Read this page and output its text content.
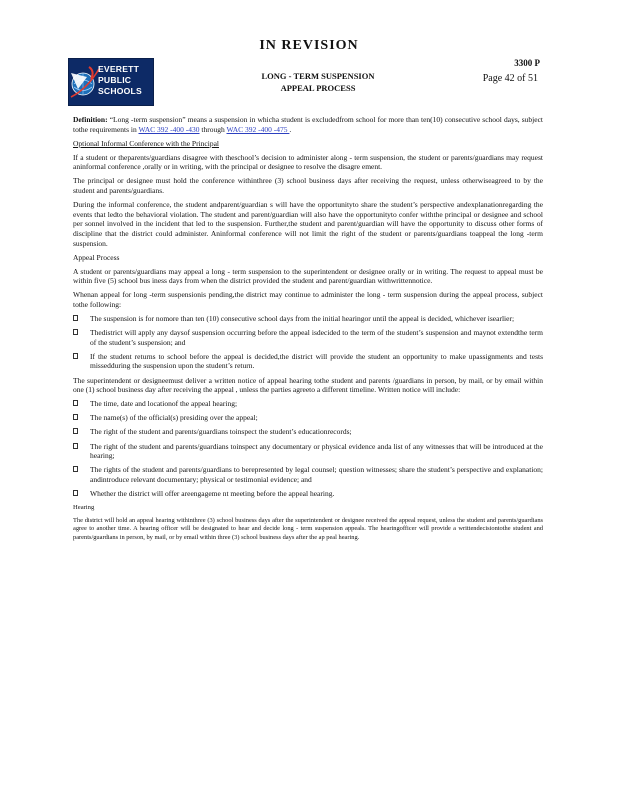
IN REVISION
EVERETT
PUBLIC
SCHOOLS
LONG - TERM SUSPENSION
APPEAL PROCESS
3300 P
Page 42 of 51

Definition: “Long -term suspension” means a suspension in whicha student is excludedfrom school for more than ten(10) consecutive school days, subject tothe requirements in WAC 392 -400 -430 through WAC 392 -400 -475 .

Optional Informal Conference with the Principal

If a student or theparents/guardians disagree with theschool’s decision to administer along - term suspension, the student or parents/guardians may request aninformal conference ,orally or in writing, with the principal or designee to resolve the disagre ement.

The principal or designee must hold the conference withinthree (3) school business days after receiving the request, unless otherwiseagreed to by the student and parents/guardians.

During the informal conference, the student andparent/guardian s will have the opportunityto share the student’s perspective andexplanationregarding the events that ledto the behavioral violation. The student and parent/guardian will also have the opportunityto confer withthe principal or designee and school per sonnel involved in the incident that led to the suspension. Further,the student and parent/guardian will have the opportunity to discuss other forms of discipline that the district could administer. Aninformal conference will not limit the right of the student or parents/guardians toappeal the long -term suspension.

Appeal Process

A student or parents/guardians may appeal a long - term suspension to the superintendent or designee orally or in writing. The request to appeal must be within five (5) school bus iness days from when the district provided the student and parent/guardian withwrittennotice.

Whenan appeal for long -term suspensionis pending,the district may continue to administer the long - term suspension during the appeal process, subject tothe following:

The suspension is for nomore than ten (10) consecutive school days from the initial hearingor until the appeal is decided, whichever isearlier;
Thedistrict will apply any daysof suspension occurring before the appeal isdecided to the term of the student’s suspension and maynot extendthe term of the student’s suspension; and
If the student returns to school before the appeal is decided,the district will provide the student an opportunity to make upassignments and tests missedduring the suspension upon the student’s return.

The superintendent or designeemust deliver a written notice of appeal hearing tothe student and parents /guardians in person, by mail, or by email within one (1) school business day after receiving the appeal , unless the parties agreeto a different timeline. Written notice will include:

The time, date and locationof the appeal hearing;
The name(s) of the official(s) presiding over the appeal;
The right of the student and parents/guardians toinspect the student’s educationrecords;
The right of the student and parents/guardians toinspect any documentary or physical evidence anda list of any witnesses that will be introduced at the hearing;
The rights of the student and parents/guardians to berepresented by legal counsel; question witnesses; share the student’s perspective and explanation; andintroduce relevant documentary; physical or testimonial evidence; and
Whether the district will offer areengageme nt meeting before the appeal hearing.

Hearing

The district will hold an appeal hearing withinthree (3) school business days after the superintendent or designee received the appeal request, unless the student and parents/guardians agree to another time. A hearing officer will be designated to hear and decide long - term suspension appeals. The hearingofficer will provide a writtendecisiontothe student and parents/guardians in person, by mail, or by email within three (3) school business days after the ap peal hearing.
